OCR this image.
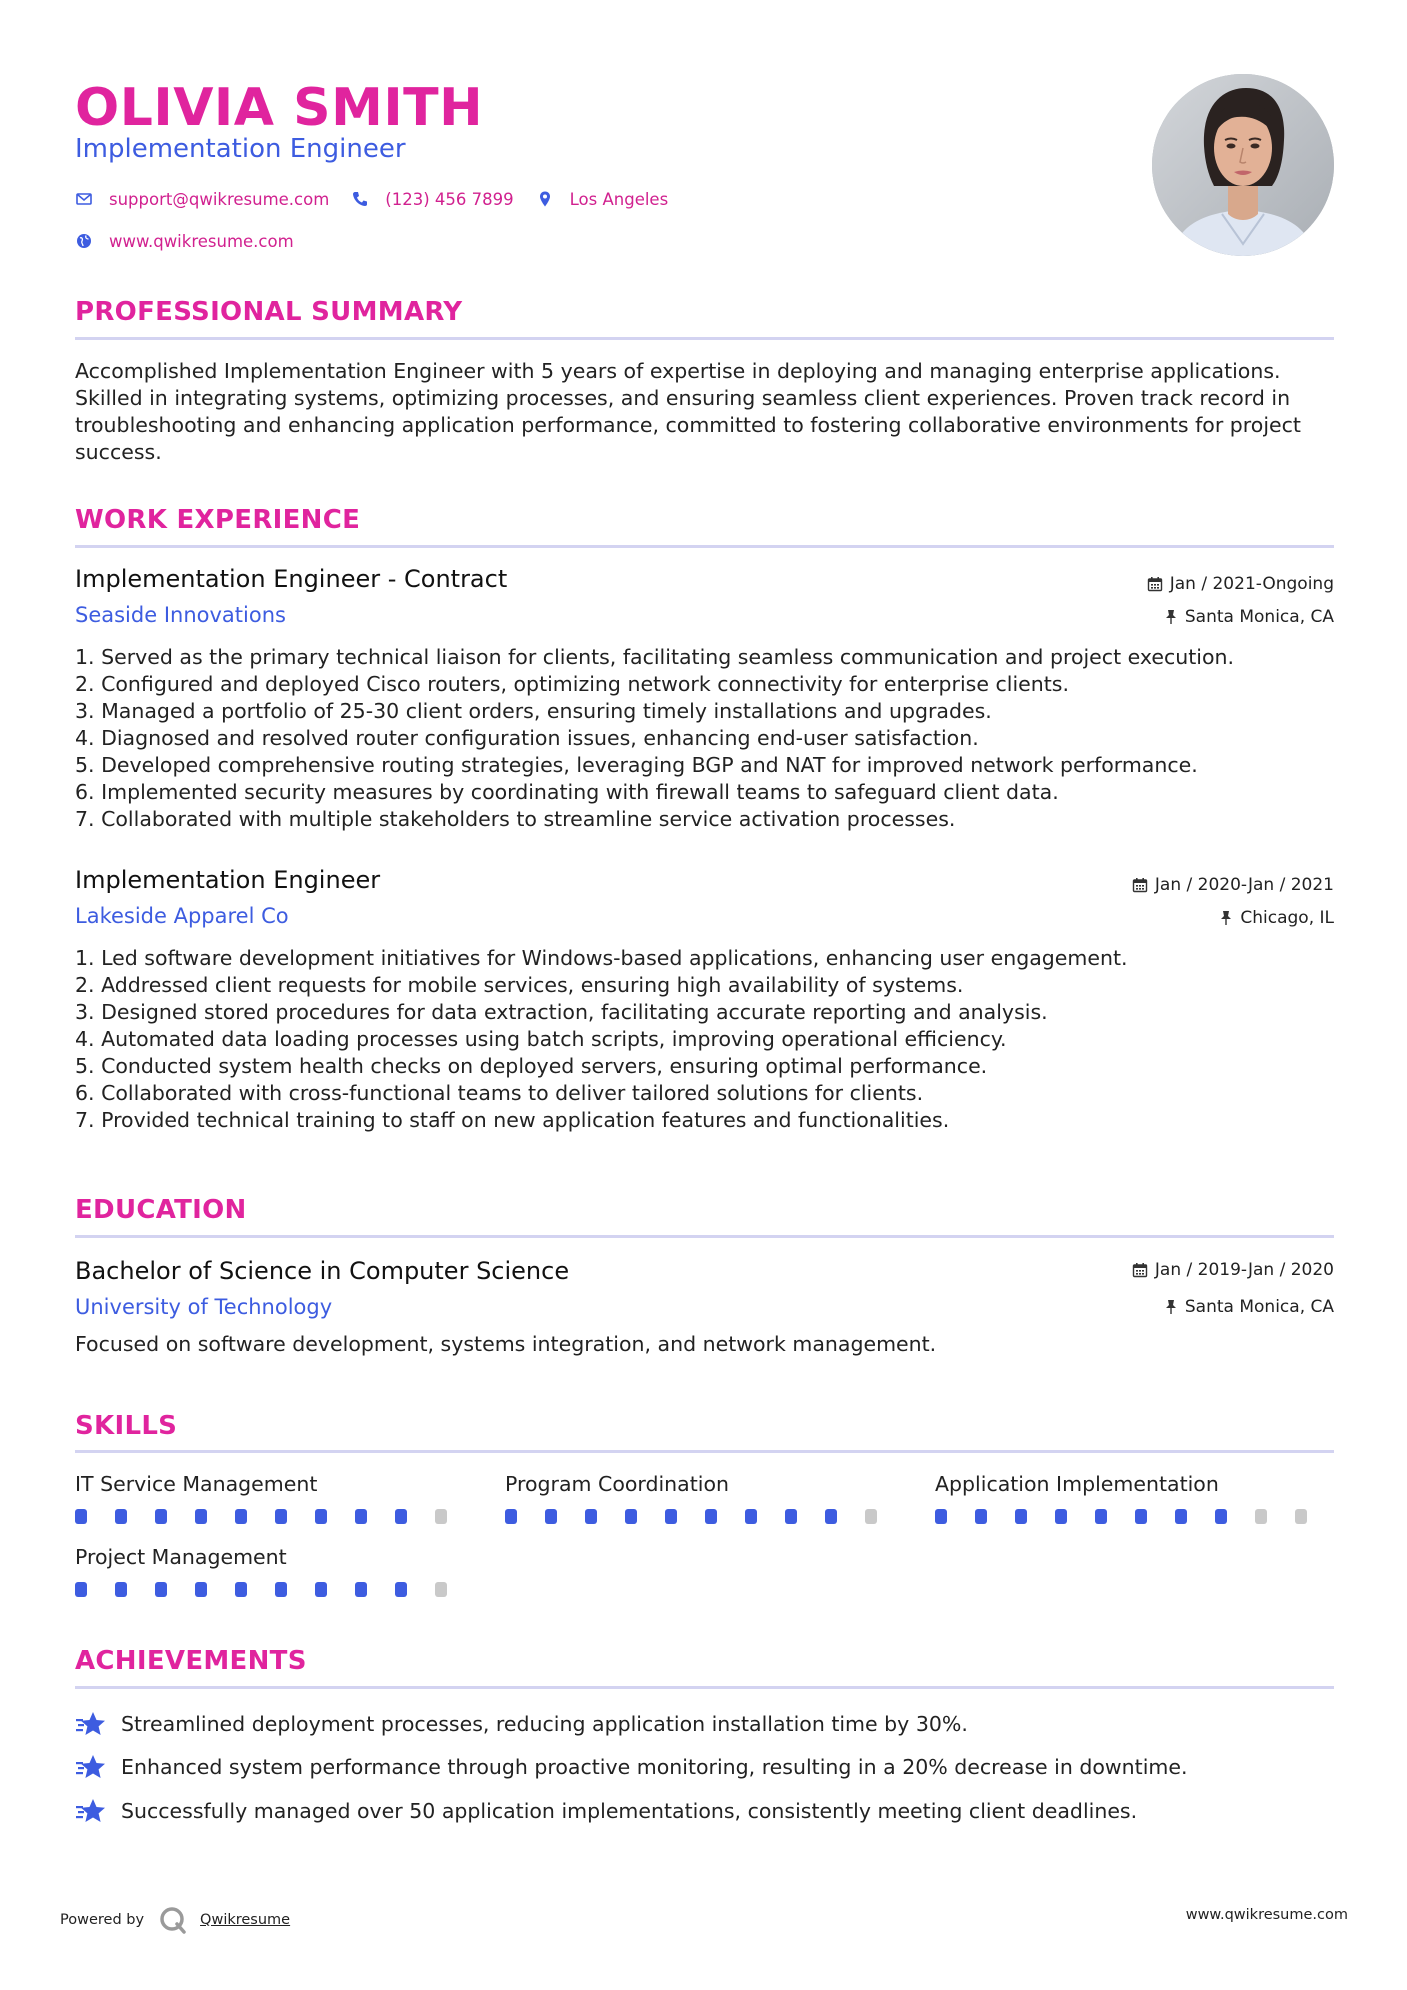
OLIVIA SMITH
Implementation Engineer
support@qwikresume.com	(123) 456 7899	Los Angeles
www.qwikresume.com
PROFESSIONAL SUMMARY
Accomplished Implementation Engineer with 5 years of expertise in deploying and managing enterprise applications. Skilled in integrating systems, optimizing processes, and ensuring seamless client experiences. Proven track record in troubleshooting and enhancing application performance, committed to fostering collaborative environments for project success.
WORK EXPERIENCE
Implementation Engineer - Contract	Jan / 2021-Ongoing
Seaside Innovations	Santa Monica, CA
1. Served as the primary technical liaison for clients, facilitating seamless communication and project execution.
2. Configured and deployed Cisco routers, optimizing network connectivity for enterprise clients.
3. Managed a portfolio of 25-30 client orders, ensuring timely installations and upgrades.
4. Diagnosed and resolved router configuration issues, enhancing end-user satisfaction.
5. Developed comprehensive routing strategies, leveraging BGP and NAT for improved network performance.
6. Implemented security measures by coordinating with firewall teams to safeguard client data.
7. Collaborated with multiple stakeholders to streamline service activation processes.
Implementation Engineer	Jan / 2020-Jan / 2021
Lakeside Apparel Co	Chicago, IL
1. Led software development initiatives for Windows-based applications, enhancing user engagement.
2. Addressed client requests for mobile services, ensuring high availability of systems.
3. Designed stored procedures for data extraction, facilitating accurate reporting and analysis.
4. Automated data loading processes using batch scripts, improving operational efficiency.
5. Conducted system health checks on deployed servers, ensuring optimal performance.
6. Collaborated with cross-functional teams to deliver tailored solutions for clients.
7. Provided technical training to staff on new application features and functionalities.
EDUCATION
Bachelor of Science in Computer Science	Jan / 2019-Jan / 2020
University of Technology	Santa Monica, CA
Focused on software development, systems integration, and network management.
SKILLS
IT Service Management	Program Coordination	Application Implementation
Project Management
ACHIEVEMENTS
Streamlined deployment processes, reducing application installation time by 30%.
Enhanced system performance through proactive monitoring, resulting in a 20% decrease in downtime.
Successfully managed over 50 application implementations, consistently meeting client deadlines.
Powered by	Qwikresume	www.qwikresume.com
